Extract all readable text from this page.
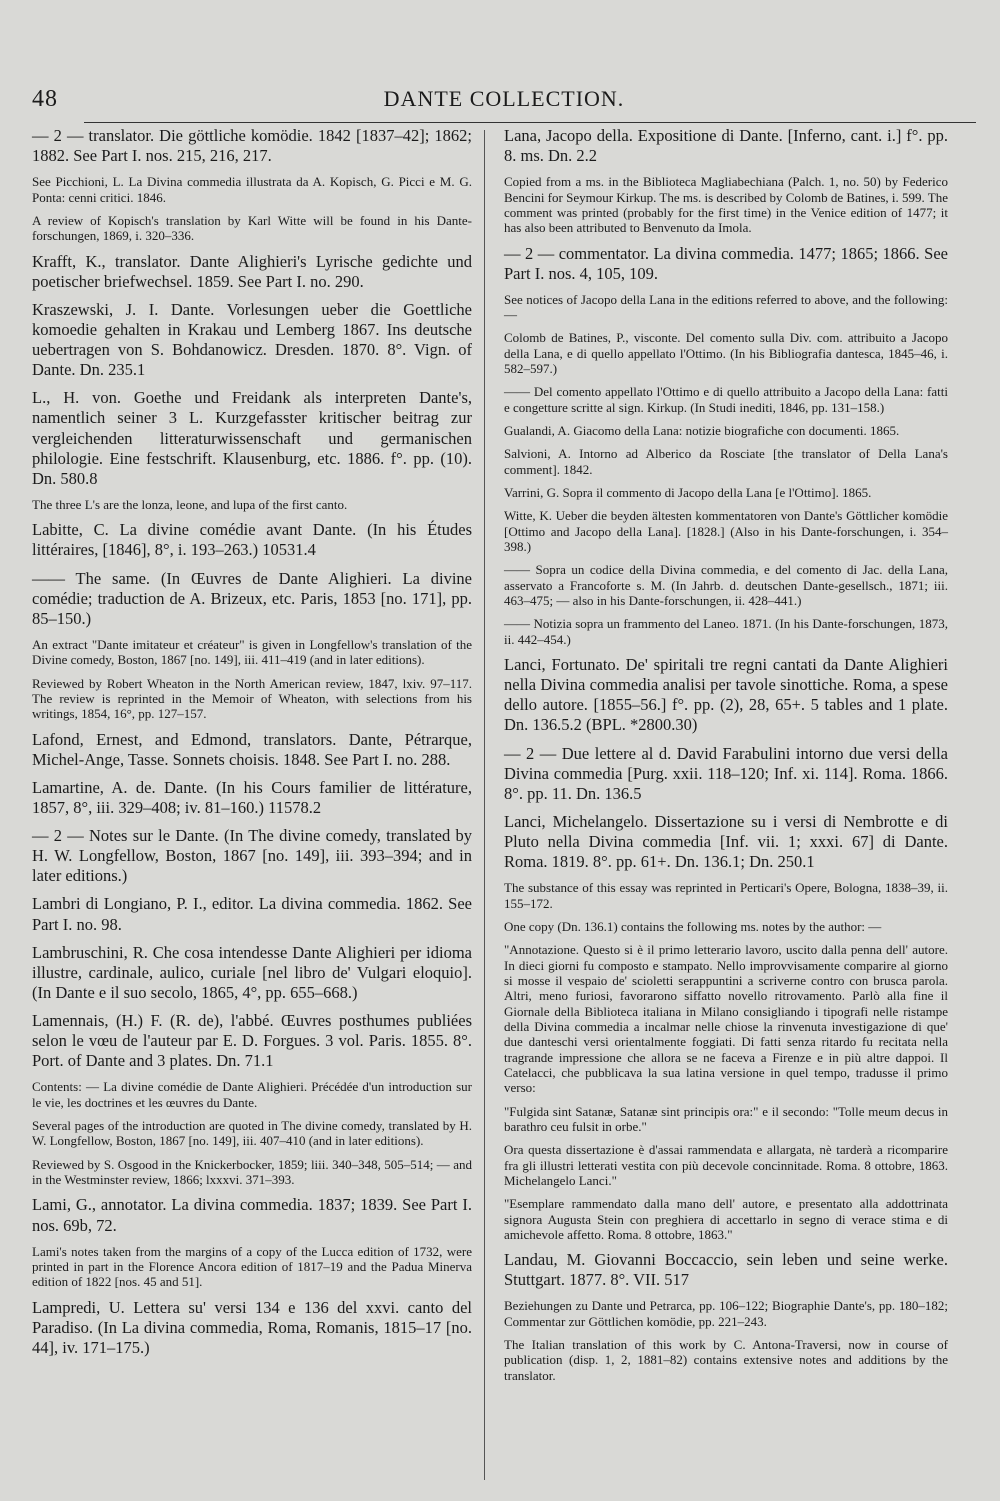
48	DANTE COLLECTION.

— 2 — translator. Die göttliche komödie. 1842 [1837–42]; 1862; 1882. See Part I. nos. 215, 216, 217.

See Picchioni, L. La Divina commedia illustrata da A. Kopisch, G. Picci e M. G. Ponta: cenni critici. 1846.

A review of Kopisch's translation by Karl Witte will be found in his Dante-forschungen, 1869, i. 320–336.

Krafft, K., translator. Dante Alighieri's Lyrische gedichte und poetischer briefwechsel. 1859. See Part I. no. 290.

Kraszewski, J. I. Dante. Vorlesungen ueber die Goettliche komoedie gehalten in Krakau und Lemberg 1867. Ins deutsche uebertragen von S. Bohdanowicz. Dresden. 1870. 8°. Vign. of Dante. Dn. 235.1

L., H. von. Goethe und Freidank als interpreten Dante's, namentlich seiner 3 L. Kurzgefasster kritischer beitrag zur vergleichenden litteraturwissenschaft und germanischen philologie. Eine festschrift. Klausenburg, etc. 1886. f°. pp. (10). Dn. 580.8

The three L's are the lonza, leone, and lupa of the first canto.

Labitte, C. La divine comédie avant Dante. (In his Études littéraires, [1846], 8°, i. 193–263.) 10531.4

—— The same. (In Œuvres de Dante Alighieri. La divine comédie; traduction de A. Brizeux, etc. Paris, 1853 [no. 171], pp. 85–150.)

An extract "Dante imitateur et créateur" is given in Longfellow's translation of the Divine comedy, Boston, 1867 [no. 149], iii. 411–419 (and in later editions).

Reviewed by Robert Wheaton in the North American review, 1847, lxiv. 97–117. The review is reprinted in the Memoir of Wheaton, with selections from his writings, 1854, 16°, pp. 127–157.

Lafond, Ernest, and Edmond, translators. Dante, Pétrarque, Michel-Ange, Tasse. Sonnets choisis. 1848. See Part I. no. 288.

Lamartine, A. de. Dante. (In his Cours familier de littérature, 1857, 8°, iii. 329–408; iv. 81–160.) 11578.2

— 2 — Notes sur le Dante. (In The divine comedy, translated by H. W. Longfellow, Boston, 1867 [no. 149], iii. 393–394; and in later editions.)

Lambri di Longiano, P. I., editor. La divina commedia. 1862. See Part I. no. 98.

Lambruschini, R. Che cosa intendesse Dante Alighieri per idioma illustre, cardinale, aulico, curiale [nel libro de' Vulgari eloquio]. (In Dante e il suo secolo, 1865, 4°, pp. 655–668.)

Lamennais, (H.) F. (R. de), l'abbé. Œuvres posthumes publiées selon le vœu de l'auteur par E. D. Forgues. 3 vol. Paris. 1855. 8°. Port. of Dante and 3 plates. Dn. 71.1

Contents: — La divine comédie de Dante Alighieri. Précédée d'un introduction sur le vie, les doctrines et les œuvres du Dante.

Several pages of the introduction are quoted in The divine comedy, translated by H. W. Longfellow, Boston, 1867 [no. 149], iii. 407–410 (and in later editions).

Reviewed by S. Osgood in the Knickerbocker, 1859; liii. 340–348, 505–514; — and in the Westminster review, 1866; lxxxvi. 371–393.

Lami, G., annotator. La divina commedia. 1837; 1839. See Part I. nos. 69b, 72.

Lami's notes taken from the margins of a copy of the Lucca edition of 1732, were printed in part in the Florence Ancora edition of 1817–19 and the Padua Minerva edition of 1822 [nos. 45 and 51].

Lampredi, U. Lettera su' versi 134 e 136 del xxvi. canto del Paradiso. (In La divina commedia, Roma, Romanis, 1815–17 [no. 44], iv. 171–175.)

Lana, Jacopo della. Expositione di Dante. [Inferno, cant. i.] f°. pp. 8. ms. Dn. 2.2

Copied from a ms. in the Biblioteca Magliabechiana (Palch. 1, no. 50) by Federico Bencini for Seymour Kirkup. The ms. is described by Colomb de Batines, i. 599. The comment was printed (probably for the first time) in the Venice edition of 1477; it has also been attributed to Benvenuto da Imola.

— 2 — commentator. La divina commedia. 1477; 1865; 1866. See Part I. nos. 4, 105, 109.

See notices of Jacopo della Lana in the editions referred to above, and the following: —

Colomb de Batines, P., visconte. Del comento sulla Div. com. attribuito a Jacopo della Lana, e di quello appellato l'Ottimo. (In his Bibliografia dantesca, 1845–46, i. 582–597.)

—— Del comento appellato l'Ottimo e di quello attribuito a Jacopo della Lana: fatti e congetture scritte al sign. Kirkup. (In Studi inediti, 1846, pp. 131–158.)

Gualandi, A. Giacomo della Lana: notizie biografiche con documenti. 1865.

Salvioni, A. Intorno ad Alberico da Rosciate [the translator of Della Lana's comment]. 1842.

Varrini, G. Sopra il commento di Jacopo della Lana [e l'Ottimo]. 1865.

Witte, K. Ueber die beyden ältesten kommentatoren von Dante's Göttlicher komödie [Ottimo and Jacopo della Lana]. [1828.] (Also in his Dante-forschungen, i. 354–398.)

—— Sopra un codice della Divina commedia, e del comento di Jac. della Lana, asservato a Francoforte s. M. (In Jahrb. d. deutschen Dante-gesellsch., 1871; iii. 463–475; — also in his Dante-forschungen, ii. 428–441.)

—— Notizia sopra un frammento del Laneo. 1871. (In his Dante-forschungen, 1873, ii. 442–454.)

Lanci, Fortunato. De' spiritali tre regni cantati da Dante Alighieri nella Divina commedia analisi per tavole sinottiche. Roma, a spese dello autore. [1855–56.] f°. pp. (2), 28, 65+. 5 tables and 1 plate. Dn. 136.5.2 (BPL. *2800.30)

— 2 — Due lettere al d. David Farabulini intorno due versi della Divina commedia [Purg. xxii. 118–120; Inf. xi. 114]. Roma. 1866. 8°. pp. 11. Dn. 136.5

Lanci, Michelangelo. Dissertazione su i versi di Nembrotte e di Pluto nella Divina commedia [Inf. vii. 1; xxxi. 67] di Dante. Roma. 1819. 8°. pp. 61+. Dn. 136.1; Dn. 250.1

The substance of this essay was reprinted in Perticari's Opere, Bologna, 1838–39, ii. 155–172.

One copy (Dn. 136.1) contains the following ms. notes by the author: —

"Annotazione. Questo si è il primo letterario lavoro, uscito dalla penna dell' autore. In dieci giorni fu composto e stampato. Nello improvvisamente comparire al giorno si mosse il vespaio de' scioletti serappuntini a scriverne contro con brusca parola. Altri, meno furiosi, favorarono siffatto novello ritrovamento. Parlò alla fine il Giornale della Biblioteca italiana in Milano consigliando i tipografi nelle ristampe della Divina commedia a incalmar nelle chiose la rinvenuta investigazione di que' due danteschi versi orientalmente foggiati. Di fatti senza ritardo fu recitata nella tragrande impressione che allora se ne faceva a Firenze e in più altre dappoi. Il Catelacci, che pubblicava la sua latina versione in quel tempo, tradusse il primo verso:

"Fulgida sint Satanæ, Satanæ sint principis ora:" e il secondo: "Tolle meum decus in barathro ceu fulsit in orbe."

Ora questa dissertazione è d'assai rammendata e allargata, nè tarderà a ricomparire fra gli illustri letterati vestita con più decevole concinnitade. Roma. 8 ottobre, 1863. Michelangelo Lanci."

"Esemplare rammendato dalla mano dell' autore, e presentato alla addottrinata signora Augusta Stein con preghiera di accettarlo in segno di verace stima e di amichevole affetto. Roma. 8 ottobre, 1863."

Landau, M. Giovanni Boccaccio, sein leben und seine werke. Stuttgart. 1877. 8°. VII. 517

Beziehungen zu Dante und Petrarca, pp. 106–122; Biographie Dante's, pp. 180–182; Commentar zur Göttlichen komödie, pp. 221–243.

The Italian translation of this work by C. Antona-Traversi, now in course of publication (disp. 1, 2, 1881–82) contains extensive notes and additions by the translator.
